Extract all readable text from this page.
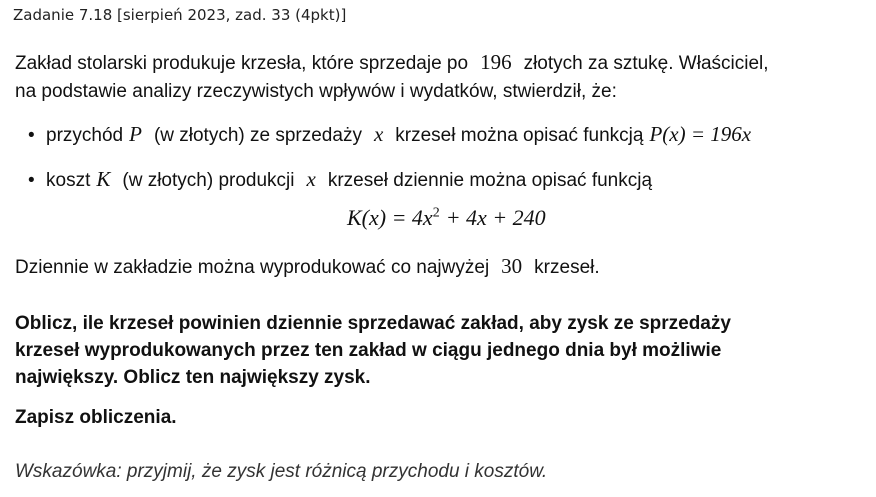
Zadanie 7.18 [sierpień 2023, zad. 33 (4pkt)]
Zakład stolarski produkuje krzesła, które sprzedaje po 196 złotych za sztukę. Właściciel,
na podstawie analizy rzeczywistych wpływów i wydatków, stwierdził, że:
• przychód P (w złotych) ze sprzedaży x krzeseł można opisać funkcją P(x) = 196x
• koszt K (w złotych) produkcji x krzeseł dziennie można opisać funkcją
$K(x) = 4x^2 + 4x + 240$
Dziennie w zakładzie można wyprodukować co najwyżej 30 krzeseł.
Oblicz, ile krzeseł powinien dziennie sprzedawać zakład, aby zysk ze sprzedaży
krzeseł wyprodukowanych przez ten zakład w ciągu jednego dnia był możliwie
największy. Oblicz ten największy zysk.
Zapisz obliczenia.
Wskazówka: przyjmij, że zysk jest różnicą przychodu i kosztów.
